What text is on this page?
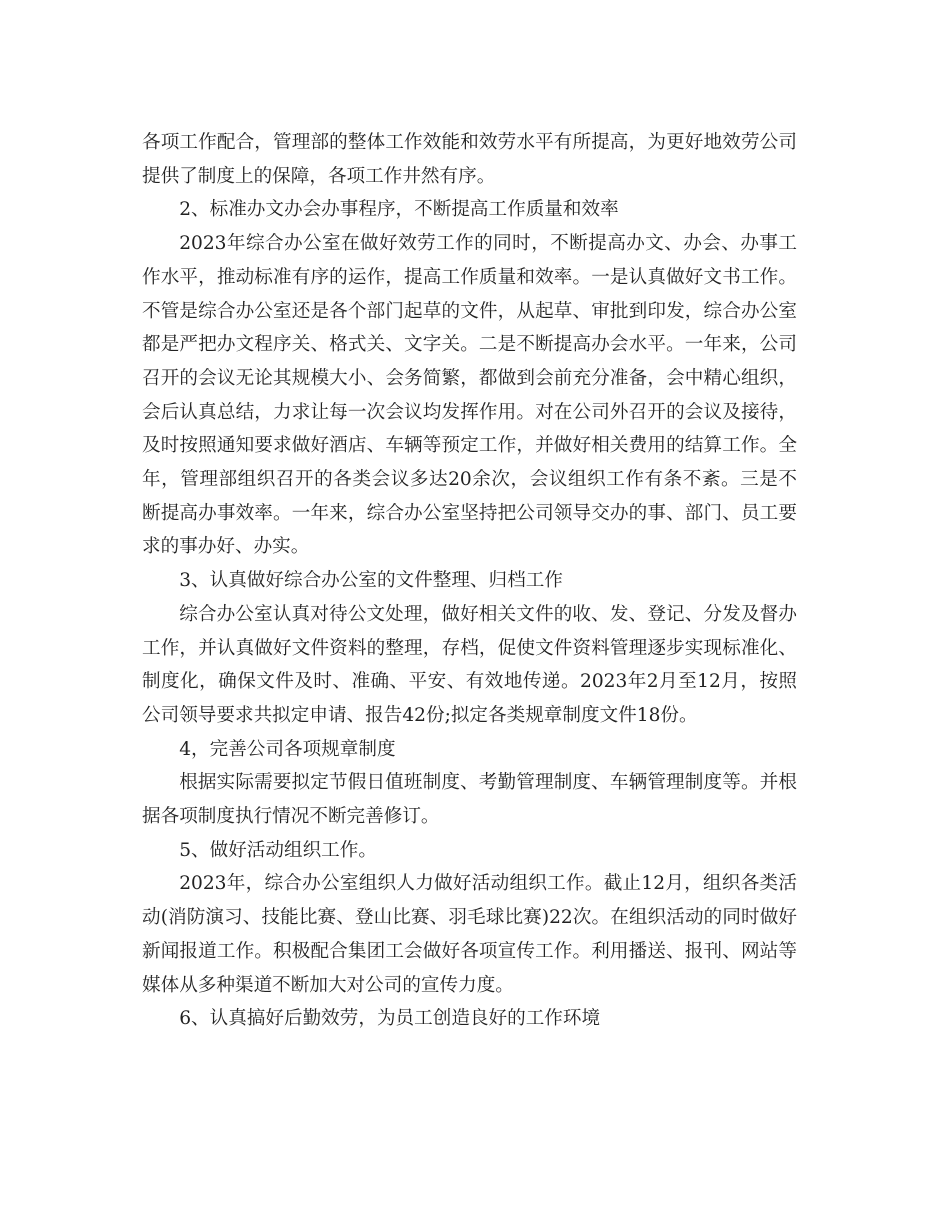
各项工作配合，管理部的整体工作效能和效劳水平有所提高，为更好地效劳公司提供了制度上的保障，各项工作井然有序。

2、标准办文办会办事程序，不断提高工作质量和效率

2023年综合办公室在做好效劳工作的同时，不断提高办文、办会、办事工作水平，推动标准有序的运作，提高工作质量和效率。一是认真做好文书工作。不管是综合办公室还是各个部门起草的文件，从起草、审批到印发，综合办公室都是严把办文程序关、格式关、文字关。二是不断提高办会水平。一年来，公司召开的会议无论其规模大小、会务简繁，都做到会前充分准备，会中精心组织，会后认真总结，力求让每一次会议均发挥作用。对在公司外召开的会议及接待，及时按照通知要求做好酒店、车辆等预定工作，并做好相关费用的结算工作。全年，管理部组织召开的各类会议多达20余次，会议组织工作有条不紊。三是不断提高办事效率。一年来，综合办公室坚持把公司领导交办的事、部门、员工要求的事办好、办实。

3、认真做好综合办公室的文件整理、归档工作

综合办公室认真对待公文处理，做好相关文件的收、发、登记、分发及督办工作，并认真做好文件资料的整理，存档，促使文件资料管理逐步实现标准化、制度化，确保文件及时、准确、平安、有效地传递。2023年2月至12月，按照公司领导要求共拟定申请、报告42份;拟定各类规章制度文件18份。

4，完善公司各项规章制度

根据实际需要拟定节假日值班制度、考勤管理制度、车辆管理制度等。并根据各项制度执行情况不断完善修订。

5、做好活动组织工作。

2023年，综合办公室组织人力做好活动组织工作。截止12月，组织各类活动(消防演习、技能比赛、登山比赛、羽毛球比赛)22次。在组织活动的同时做好新闻报道工作。积极配合集团工会做好各项宣传工作。利用播送、报刊、网站等媒体从多种渠道不断加大对公司的宣传力度。

6、认真搞好后勤效劳，为员工创造良好的工作环境
